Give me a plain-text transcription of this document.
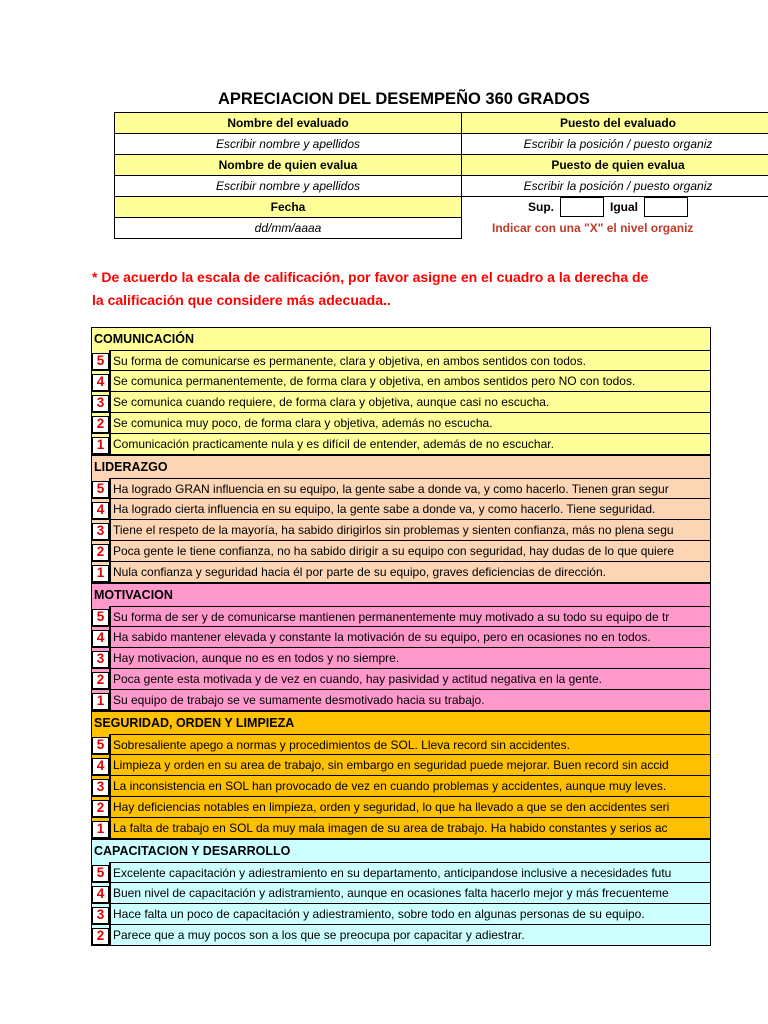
APRECIACION DEL DESEMPEÑO 360 GRADOS
Nombre del evaluado	Puesto del evaluado
Escribir nombre y apellidos	Escribir la posición / puesto organiz
Nombre de quien evalua	Puesto de quien evalua
Escribir nombre y apellidos	Escribir la posición / puesto organiz
Fecha	Sup. Igual

dd/mm/aaaa	Indicar con una "X" el nivel organiz
* De acuerdo la escala de calificación, por favor asigne en el cuadro a la derecha de
la calificación que considere más adecuada..
COMUNICACIÓN
5 Su forma de comunicarse es permanente, clara y objetiva, en ambos sentidos con todos.
4 Se comunica permanentemente, de forma clara y objetiva, en ambos sentidos pero NO con todos.
3 Se comunica cuando requiere, de forma clara y objetiva, aunque casi no escucha.
2 Se comunica muy poco, de forma clara y objetiva, además no escucha.
1 Comunicación practicamente nula y es difícil de entender, además de no escuchar.
LIDERAZGO
5 Ha logrado GRAN influencia en su equipo, la gente sabe a donde va, y como hacerlo. Tienen gran segur
4 Ha logrado cierta influencia en su equipo, la gente sabe a donde va, y como hacerlo. Tiene seguridad.
3 Tiene el respeto de la mayoría, ha sabido dirigirlos sin problemas y sienten confianza, más no plena segu
2 Poca gente le tiene confianza, no ha sabido dirigir a su equipo con seguridad, hay dudas de lo que quiere
1 Nula confianza y seguridad hacia él por parte de su equipo, graves deficiencias de dirección.
MOTIVACION
5 Su forma de ser y de comunicarse mantienen permanentemente muy motivado a su todo su equipo de tr
4 Ha sabido mantener elevada y constante la motivación de su equipo, pero en ocasiones no en todos.
3 Hay motivacion, aunque no es en todos y no siempre.
2 Poca gente esta motivada y de vez en cuando, hay pasividad y actitud negativa en la gente.
1 Su equipo de trabajo se ve sumamente desmotivado hacia su trabajo.
SEGURIDAD, ORDEN Y LIMPIEZA
5 Sobresaliente apego a normas y procedimientos de SOL. Lleva record sin accidentes.
4 Limpieza y orden en su area de trabajo, sin embargo en seguridad puede mejorar. Buen record sin accid
3 La inconsistencia en SOL han provocado de vez en cuando problemas y accidentes, aunque muy leves.
2 Hay deficiencias notables en limpieza, orden y seguridad, lo que ha llevado a que se den accidentes seri
1 La falta de trabajo en SOL da muy mala imagen de su area de trabajo. Ha habido constantes y serios ac
CAPACITACION Y DESARROLLO
5 Excelente capacitación y adiestramiento en su departamento, anticipandose inclusive a necesidades futu
4 Buen nivel de capacitación y adistramiento, aunque en ocasiones falta hacerlo mejor y más frecuenteme
3 Hace falta un poco de capacitación y adiestramiento, sobre todo en algunas personas de su equipo.
2 Parece que a muy pocos son a los que se preocupa por capacitar y adiestrar.
